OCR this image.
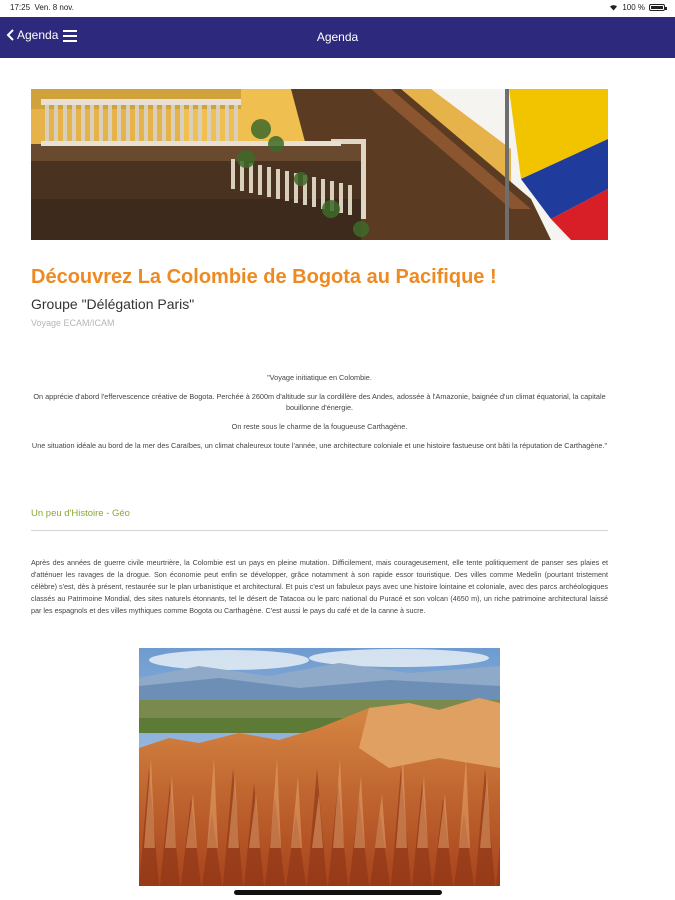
17:25 Ven. 8 nov.	100 %
Agenda	Agenda
Découvrez La Colombie de Bogota au Pacifique !
Groupe "Délégation Paris"
Voyage ECAM/ICAM

"Voyage initiatique en Colombie.

On apprécie d'abord l'effervescence créative de Bogota. Perchée à 2600m d'altitude sur la cordillère des Andes, adossée à l'Amazonie, baignée d'un climat équatorial, la capitale bouillonne d'énergie.

On reste sous le charme de la fougueuse Carthagène.

Une situation idéale au bord de la mer des Caraïbes, un climat chaleureux toute l'année, une architecture coloniale et une histoire fastueuse ont bâti la réputation de Carthagène."

Un peu d'Histoire - Géo

Après des années de guerre civile meurtrière, la Colombie est un pays en pleine mutation. Difficilement, mais courageusement, elle tente politiquement de panser ses plaies et d'atténuer les ravages de la drogue. Son économie peut enfin se développer, grâce notamment à son rapide essor touristique. Des villes comme Medelin (pourtant tristement célèbre) s'est, dès à présent, restaurée sur le plan urbanistique et architectural. Et puis c'est un fabuleux pays avec une histoire lointaine et coloniale, avec des parcs archéologiques classés au Patrimoine Mondial, des sites naturels étonnants, tel le désert de Tatacoa ou le parc national du Puracé et son volcan (4650 m), un riche patrimoine architectural laissé par les espagnols et des villes mythiques comme Bogota ou Carthagène. C'est aussi le pays du café et de la canne à sucre.
